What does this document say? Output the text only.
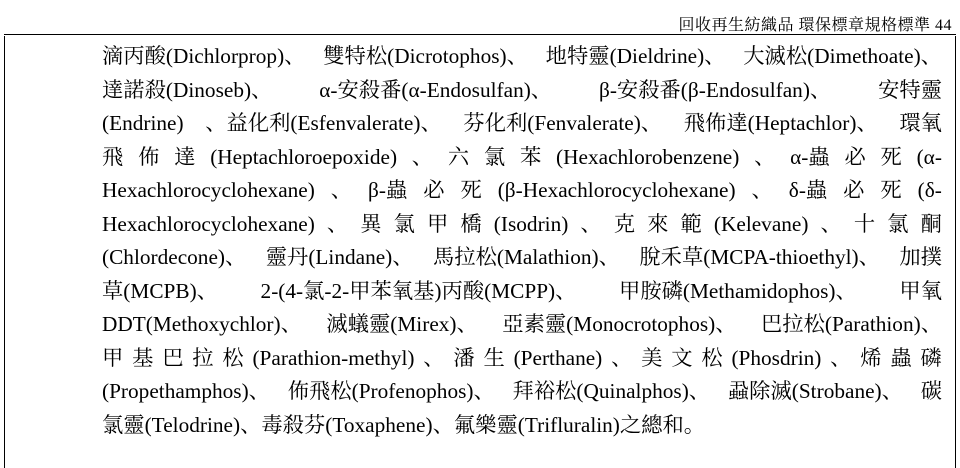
回收再生紡織品 環保標章規格標準 44
滴丙酸(Dichlorprop)、 雙特松(Dicrotophos)、 地特靈(Dieldrine)、 大滅松(Dimethoate)、
達諾殺(Dinoseb)、 α-安殺番(α-Endosulfan)、 β-安殺番(β-Endosulfan)、 安特靈
(Endrine) 、益化利(Esfenvalerate)、 芬化利(Fenvalerate)、 飛佈達(Heptachlor)、 環氧
飛 佈 達 (Heptachloroepoxide) 、 六 氯 苯 (Hexachlorobenzene) 、 α-蟲 必 死 (α-
Hexachlorocyclohexane) 、 β-蟲 必 死 (β-Hexachlorocyclohexane) 、 δ-蟲 必 死 (δ-
Hexachlorocyclohexane) 、 異 氯 甲 橋 (Isodrin) 、 克 來 範 (Kelevane) 、 十 氯 酮
(Chlordecone)、 靈丹(Lindane)、 馬拉松(Malathion)、 脫禾草(MCPA-thioethyl)、 加撲
草(MCPB)、 2-(4-氯-2-甲苯氧基)丙酸(MCPP)、 甲胺磷(Methamidophos)、 甲氧
DDT(Methoxychlor)、 滅蟻靈(Mirex)、 亞素靈(Monocrotophos)、 巴拉松(Parathion)、
甲 基 巴 拉 松 (Parathion-methyl) 、 潘 生 (Perthane) 、 美 文 松 (Phosdrin) 、 烯 蟲 磷
(Propethamphos)、 佈飛松(Profenophos)、 拜裕松(Quinalphos)、 蝨除滅(Strobane)、 碳
氯靈(Telodrine)、毒殺芬(Toxaphene)、氟樂靈(Trifluralin)之總和。
